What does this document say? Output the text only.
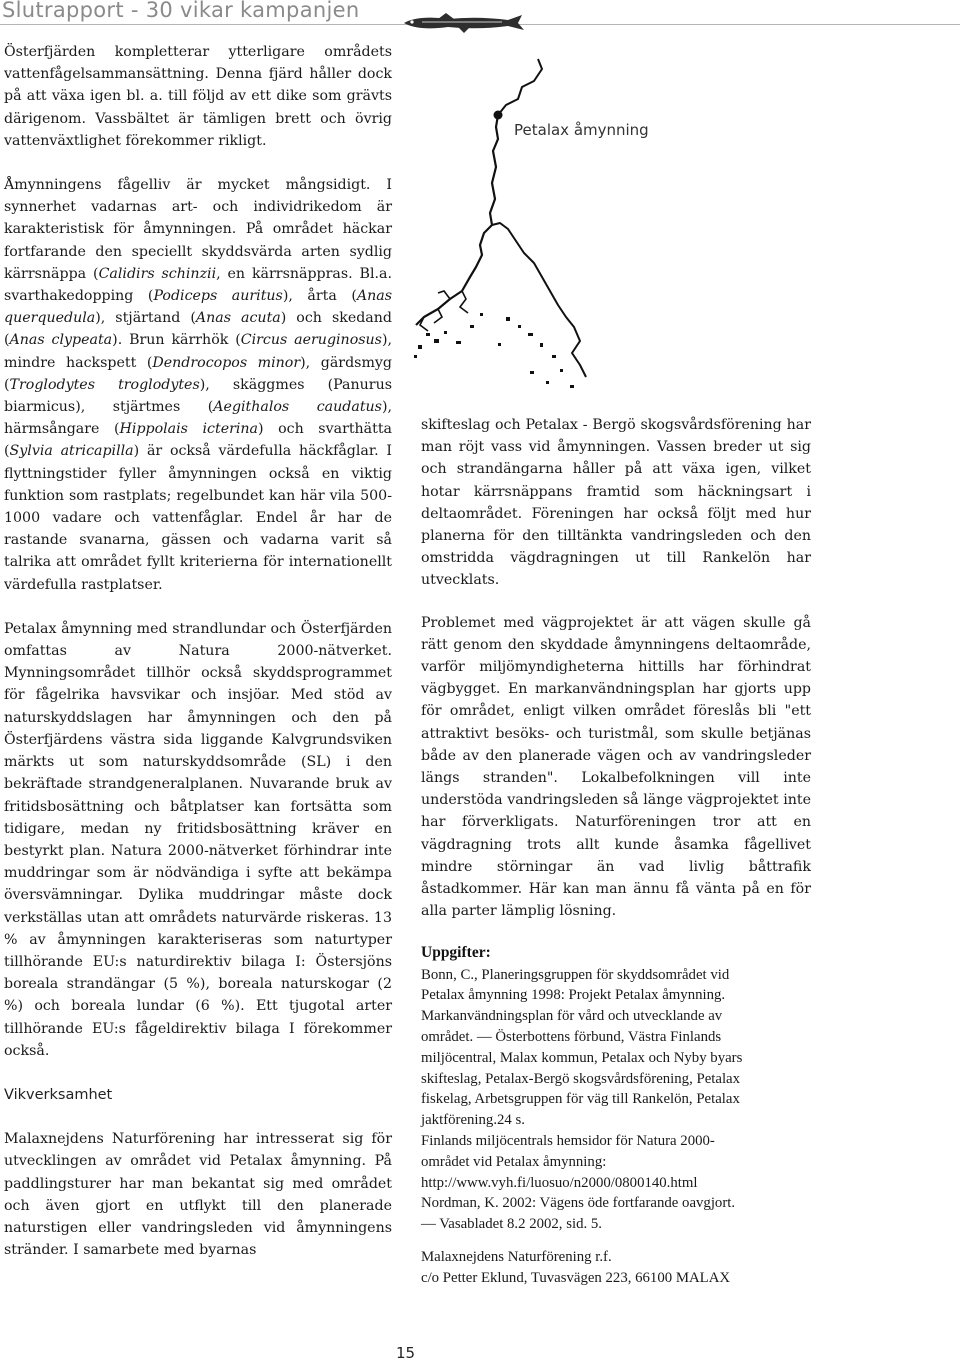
Slutrapport - 30 vikar kampanjen
Petalax åmynning

Österfjärden kompletterar ytterligare områdets vattenfågelsammansättning. Denna fjärd håller dock på att växa igen bl. a. till följd av ett dike som grävts därigenom. Vassbältet är tämligen brett och övrig vattenväxtlighet förekommer rikligt.

Åmynningens fågelliv är mycket mångsidigt. I synnerhet vadarnas art- och individrikedom är karakteristisk för åmynningen. På området häckar fortfarande den speciellt skyddsvärda arten sydlig kärrsnäppa (Calidirs schinzii, en kärrsnäppras. Bl.a. svarthakedopping (Podiceps auritus), årta (Anas querquedula), stjärtand (Anas acuta) och skedand (Anas clypeata). Brun kärrhök (Circus aeruginosus), mindre hackspett (Dendrocopos minor), gärdsmyg (Troglodytes troglodytes), skäggmes (Panurus biarmicus), stjärtmes (Aegithalos caudatus), härmsångare (Hippolais icterina) och svarthätta (Sylvia atricapilla) är också värdefulla häckfåglar. I flyttningstider fyller åmynningen också en viktig funktion som rastplats; regelbundet kan här vila 500-1000 vadare och vattenfåglar. Endel år har de rastande svanarna, gässen och vadarna varit så talrika att området fyllt kriterierna för internationellt värdefulla rastplatser.

Petalax åmynning med strandlundar och Österfjärden omfattas av Natura 2000-nätverket. Mynningsområdet tillhör också skyddsprogrammet för fågelrika havsvikar och insjöar. Med stöd av naturskyddslagen har åmynningen och den på Österfjärdens västra sida liggande Kalvgrundsviken märkts ut som naturskyddsområde (SL) i den bekräftade strandgeneralplanen. Nuvarande bruk av fritidsbosättning och båtplatser kan fortsätta som tidigare, medan ny fritidsbosättning kräver en bestyrkt plan. Natura 2000-nätverket förhindrar inte muddringar som är nödvändiga i syfte att bekämpa översvämningar. Dylika muddringar måste dock verkställas utan att områdets naturvärde riskeras. 13 % av åmynningen karakteriseras som naturtyper tillhörande EU:s naturdirektiv bilaga I: Östersjöns boreala strandängar (5 %), boreala naturskogar (2 %) och boreala lundar (6 %). Ett tjugotal arter tillhörande EU:s fågeldirektiv bilaga I förekommer också.

Vikverksamhet

Malaxnejdens Naturförening har intresserat sig för utvecklingen av området vid Petalax åmynning. På paddlingsturer har man bekantat sig med området och även gjort en utflykt till den planerade naturstigen eller vandringsleden vid åmynningens stränder. I samarbete med byarnas

skifteslag och Petalax - Bergö skogsvårdsförening har man röjt vass vid åmynningen. Vassen breder ut sig och strandängarna håller på att växa igen, vilket hotar kärrsnäppans framtid som häckningsart i deltaområdet. Föreningen har också följt med hur planerna för den tilltänkta vandringsleden och den omstridda vägdragningen ut till Rankelön har utvecklats.

Problemet med vägprojektet är att vägen skulle gå rätt genom den skyddade åmynningens deltaområde, varför miljömyndigheterna hittills har förhindrat vägbygget. En markanvändningsplan har gjorts upp för området, enligt vilken området föreslås bli "ett attraktivt besöks- och turistmål, som skulle betjänas både av den planerade vägen och av vandringsleder längs stranden". Lokalbefolkningen vill inte understöda vandringsleden så länge vägprojektet inte har förverkligats. Naturföreningen tror att en vägdragning trots allt kunde åsamka fågellivet mindre störningar än vad livlig båttrafik åstadkommer. Här kan man ännu få vänta på en för alla parter lämplig lösning.

Uppgifter:
Bonn, C., Planeringsgruppen för skyddsområdet vid
Petalax åmynning 1998: Projekt Petalax åmynning.
Markanvändningsplan för vård och utvecklande av
området. — Österbottens förbund, Västra Finlands
miljöcentral, Malax kommun, Petalax och Nyby byars
skifteslag, Petalax-Bergö skogsvårdsförening, Petalax
fiskelag, Arbetsgruppen för väg till Rankelön, Petalax
jaktförening.24 s.
Finlands miljöcentrals hemsidor för Natura 2000-
området vid Petalax åmynning:
http://www.vyh.fi/luosuo/n2000/0800140.html
Nordman, K. 2002: Vägens öde fortfarande oavgjort.
— Vasabladet 8.2 2002, sid. 5.
Malaxnejdens Naturförening r.f.
c/o Petter Eklund, Tuvasvägen 223, 66100 MALAX
15
